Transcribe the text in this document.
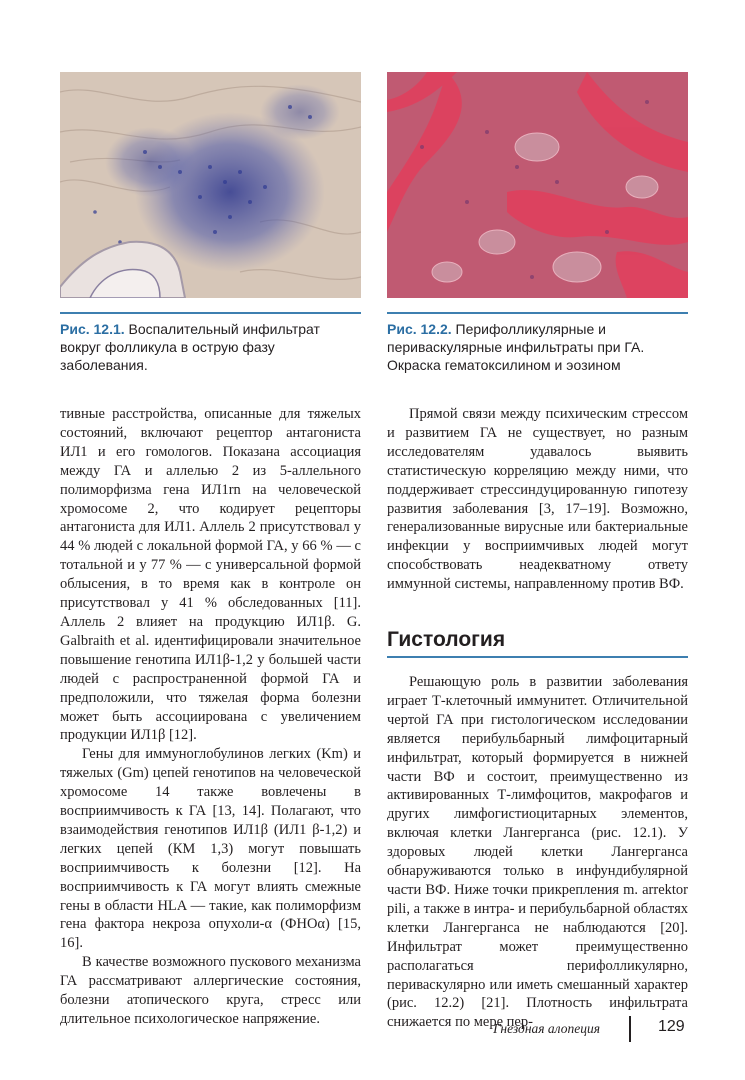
Рис. 12.1. Воспалительный инфильтрат вокруг фолликула в острую фазу заболевания.
Рис. 12.2. Перифолликулярные и периваскулярные инфильтраты при ГА. Окраска гематоксилином и эозином

тивные расстройства, описанные для тяжелых состояний, включают рецептор антагониста ИЛ1 и его гомологов. Показана ассоциация между ГА и аллелью 2 из 5-аллельного полиморфизма гена ИЛ1rn на человеческой хромосоме 2, что кодирует рецепторы антагониста для ИЛ1. Аллель 2 присутствовал у 44 % людей с локальной формой ГА, у 66 % — с тотальной и у 77 % — с универсальной формой облысения, в то время как в контроле он присутствовал у 41 % обследованных [11]. Аллель 2 влияет на продукцию ИЛ1β. G. Galbraith et al. идентифицировали значительное повышение генотипа ИЛ1β-1,2 у большей части людей с распространенной формой ГА и предположили, что тяжелая форма болезни может быть ассоциирована с увеличением продукции ИЛ1β [12].

Гены для иммуноглобулинов легких (Km) и тяжелых (Gm) цепей генотипов на человеческой хромосоме 14 также вовлечены в восприимчивость к ГА [13, 14]. Полагают, что взаимодействия генотипов ИЛ1β (ИЛ1 β-1,2) и легких цепей (КМ 1,3) могут повышать восприимчивость к болезни [12]. На восприимчивость к ГА могут влиять смежные гены в области HLA — такие, как полиморфизм гена фактора некроза опухоли-α (ФНОα) [15, 16].

В качестве возможного пускового механизма ГА рассматривают аллергические состояния, болезни атопического круга, стресс или длительное психологическое напряжение.

Прямой связи между психическим стрессом и развитием ГА не существует, но разным исследователям удавалось выявить статистическую корреляцию между ними, что поддерживает стрессиндуцированную гипотезу развития заболевания [3, 17–19]. Возможно, генерализованные вирусные или бактериальные инфекции у восприимчивых людей могут способствовать неадекватному ответу иммунной системы, направленному против ВФ.

Гистология

Решающую роль в развитии заболевания играет Т-клеточный иммунитет. Отличительной чертой ГА при гистологическом исследовании является перибульбарный лимфоцитарный инфильтрат, который формируется в нижней части ВФ и состоит, преимущественно из активированных Т-лимфоцитов, макрофагов и других лимфогистиоцитарных элементов, включая клетки Лангерганса (рис. 12.1). У здоровых людей клетки Лангерганса обнаруживаются только в инфундибулярной части ВФ. Ниже точки прикрепления m. arrektor pili, а также в интра- и перибульбарной областях клетки Лангерганса не наблюдаются [20]. Инфильтрат может преимущественно располагаться перифолликулярно, периваскулярно или иметь смешанный характер (рис. 12.2) [21]. Плотность инфильтрата снижается по мере пер-

Гнездная алопеция	129
